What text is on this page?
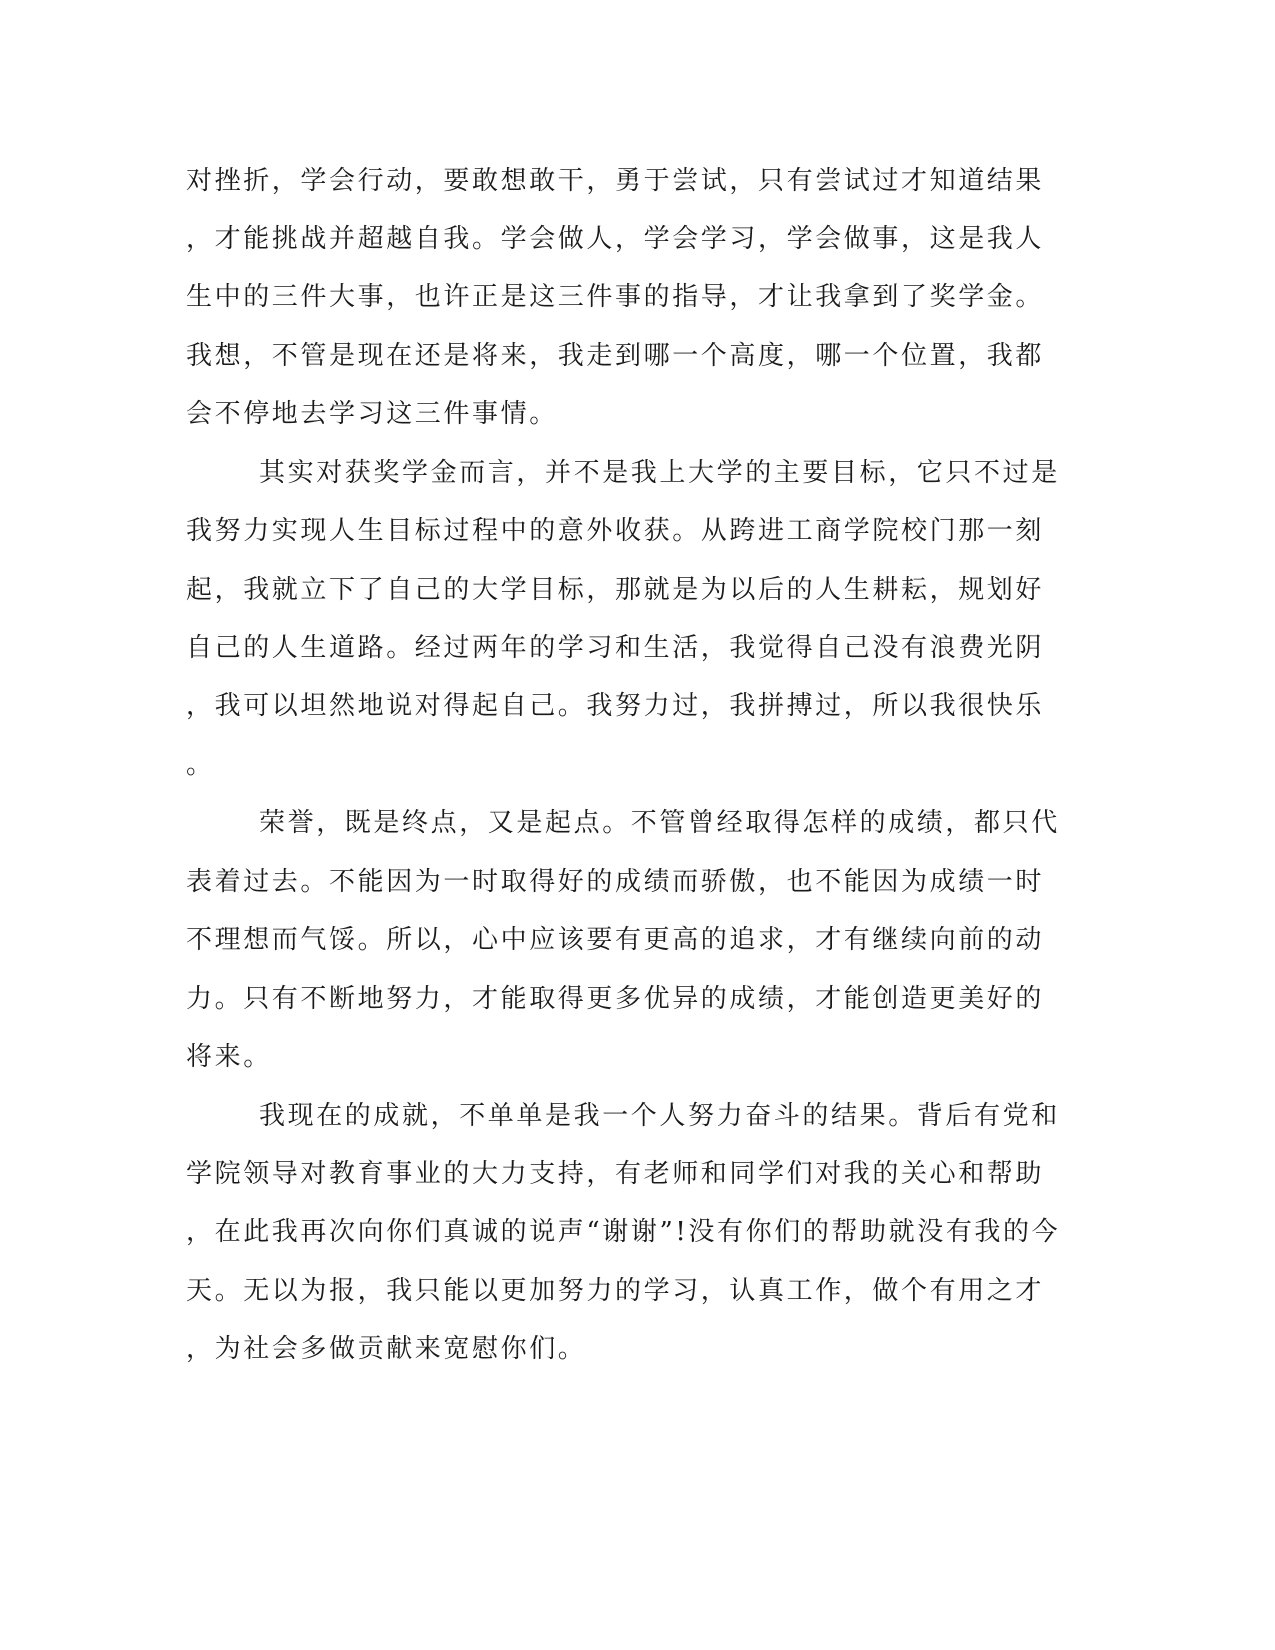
对挫折，学会行动，要敢想敢干，勇于尝试，只有尝试过才知道结果
，才能挑战并超越自我。学会做人，学会学习，学会做事，这是我人
生中的三件大事，也许正是这三件事的指导，才让我拿到了奖学金。
我想，不管是现在还是将来，我走到哪一个高度，哪一个位置，我都
会不停地去学习这三件事情。
其实对获奖学金而言，并不是我上大学的主要目标，它只不过是
我努力实现人生目标过程中的意外收获。从跨进工商学院校门那一刻
起，我就立下了自己的大学目标，那就是为以后的人生耕耘，规划好
自己的人生道路。经过两年的学习和生活，我觉得自己没有浪费光阴
，我可以坦然地说对得起自己。我努力过，我拼搏过，所以我很快乐
。
荣誉，既是终点，又是起点。不管曾经取得怎样的成绩，都只代
表着过去。不能因为一时取得好的成绩而骄傲，也不能因为成绩一时
不理想而气馁。所以，心中应该要有更高的追求，才有继续向前的动
力。只有不断地努力，才能取得更多优异的成绩，才能创造更美好的
将来。
我现在的成就，不单单是我一个人努力奋斗的结果。背后有党和
学院领导对教育事业的大力支持，有老师和同学们对我的关心和帮助
，在此我再次向你们真诚的说声“谢谢”!没有你们的帮助就没有我的今
天。无以为报，我只能以更加努力的学习，认真工作，做个有用之才
，为社会多做贡献来宽慰你们。
